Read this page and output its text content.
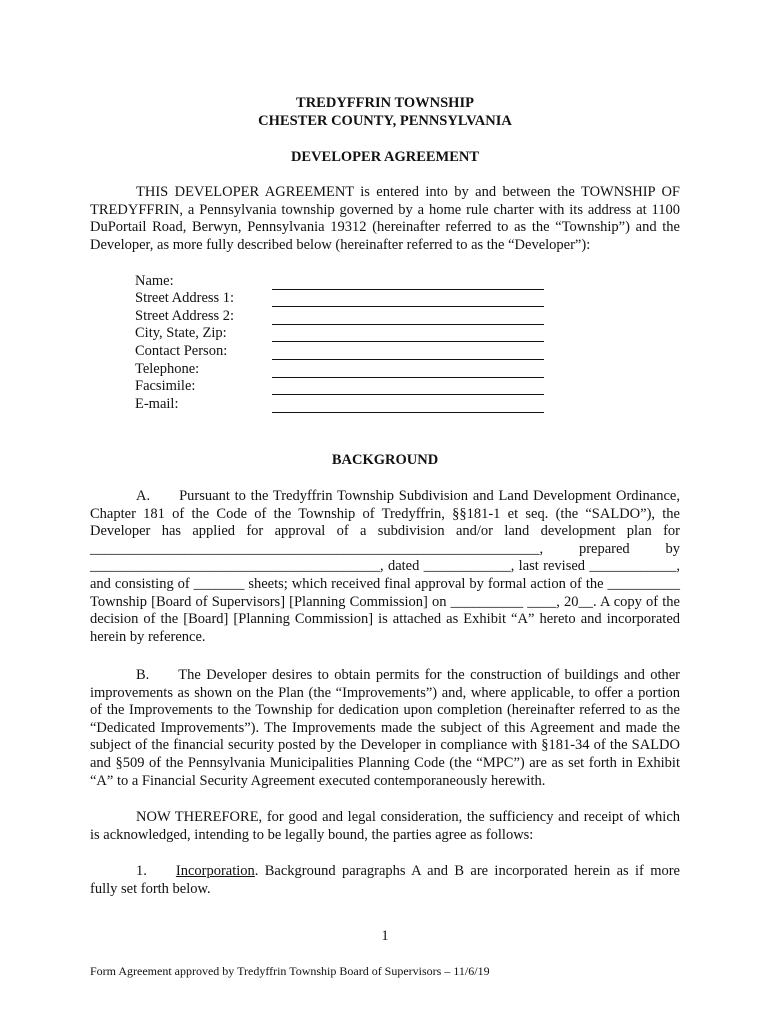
TREDYFFRIN TOWNSHIP
CHESTER COUNTY, PENNSYLVANIA
DEVELOPER AGREEMENT
THIS DEVELOPER AGREEMENT is entered into by and between the TOWNSHIP OF TREDYFFRIN, a Pennsylvania township governed by a home rule charter with its address at 1100 DuPortail Road, Berwyn, Pennsylvania 19312 (hereinafter referred to as the “Township”) and the Developer, as more fully described below (hereinafter referred to as the “Developer”):
Name:
Street Address 1:
Street Address 2:
City, State, Zip:
Contact Person:
Telephone:
Facsimile:
E-mail:
BACKGROUND
A.  Pursuant to the Tredyffrin Township Subdivision and Land Development Ordinance, Chapter 181 of the Code of the Township of Tredyffrin, §§181-1 et seq. (the “SALDO”), the Developer has applied for approval of a subdivision and/or land development plan for ______________________________________________________________, prepared by ________________________________________, dated ____________, last revised ____________, and consisting of _______ sheets; which received final approval by formal action of the __________ Township [Board of Supervisors] [Planning Commission] on __________ ____, 20__. A copy of the decision of the [Board] [Planning Commission] is attached as Exhibit “A” hereto and incorporated herein by reference.
B.  The Developer desires to obtain permits for the construction of buildings and other improvements as shown on the Plan (the “Improvements”) and, where applicable, to offer a portion of the Improvements to the Township for dedication upon completion (hereinafter referred to as the “Dedicated Improvements”). The Improvements made the subject of this Agreement and made the subject of the financial security posted by the Developer in compliance with §181-34 of the SALDO and §509 of the Pennsylvania Municipalities Planning Code (the “MPC”) are as set forth in Exhibit “A” to a Financial Security Agreement executed contemporaneously herewith.
NOW THEREFORE, for good and legal consideration, the sufficiency and receipt of which is acknowledged, intending to be legally bound, the parties agree as follows:
1.   Incorporation. Background paragraphs A and B are incorporated herein as if more fully set forth below.
1
Form Agreement approved by Tredyffrin Township Board of Supervisors – 11/6/19
